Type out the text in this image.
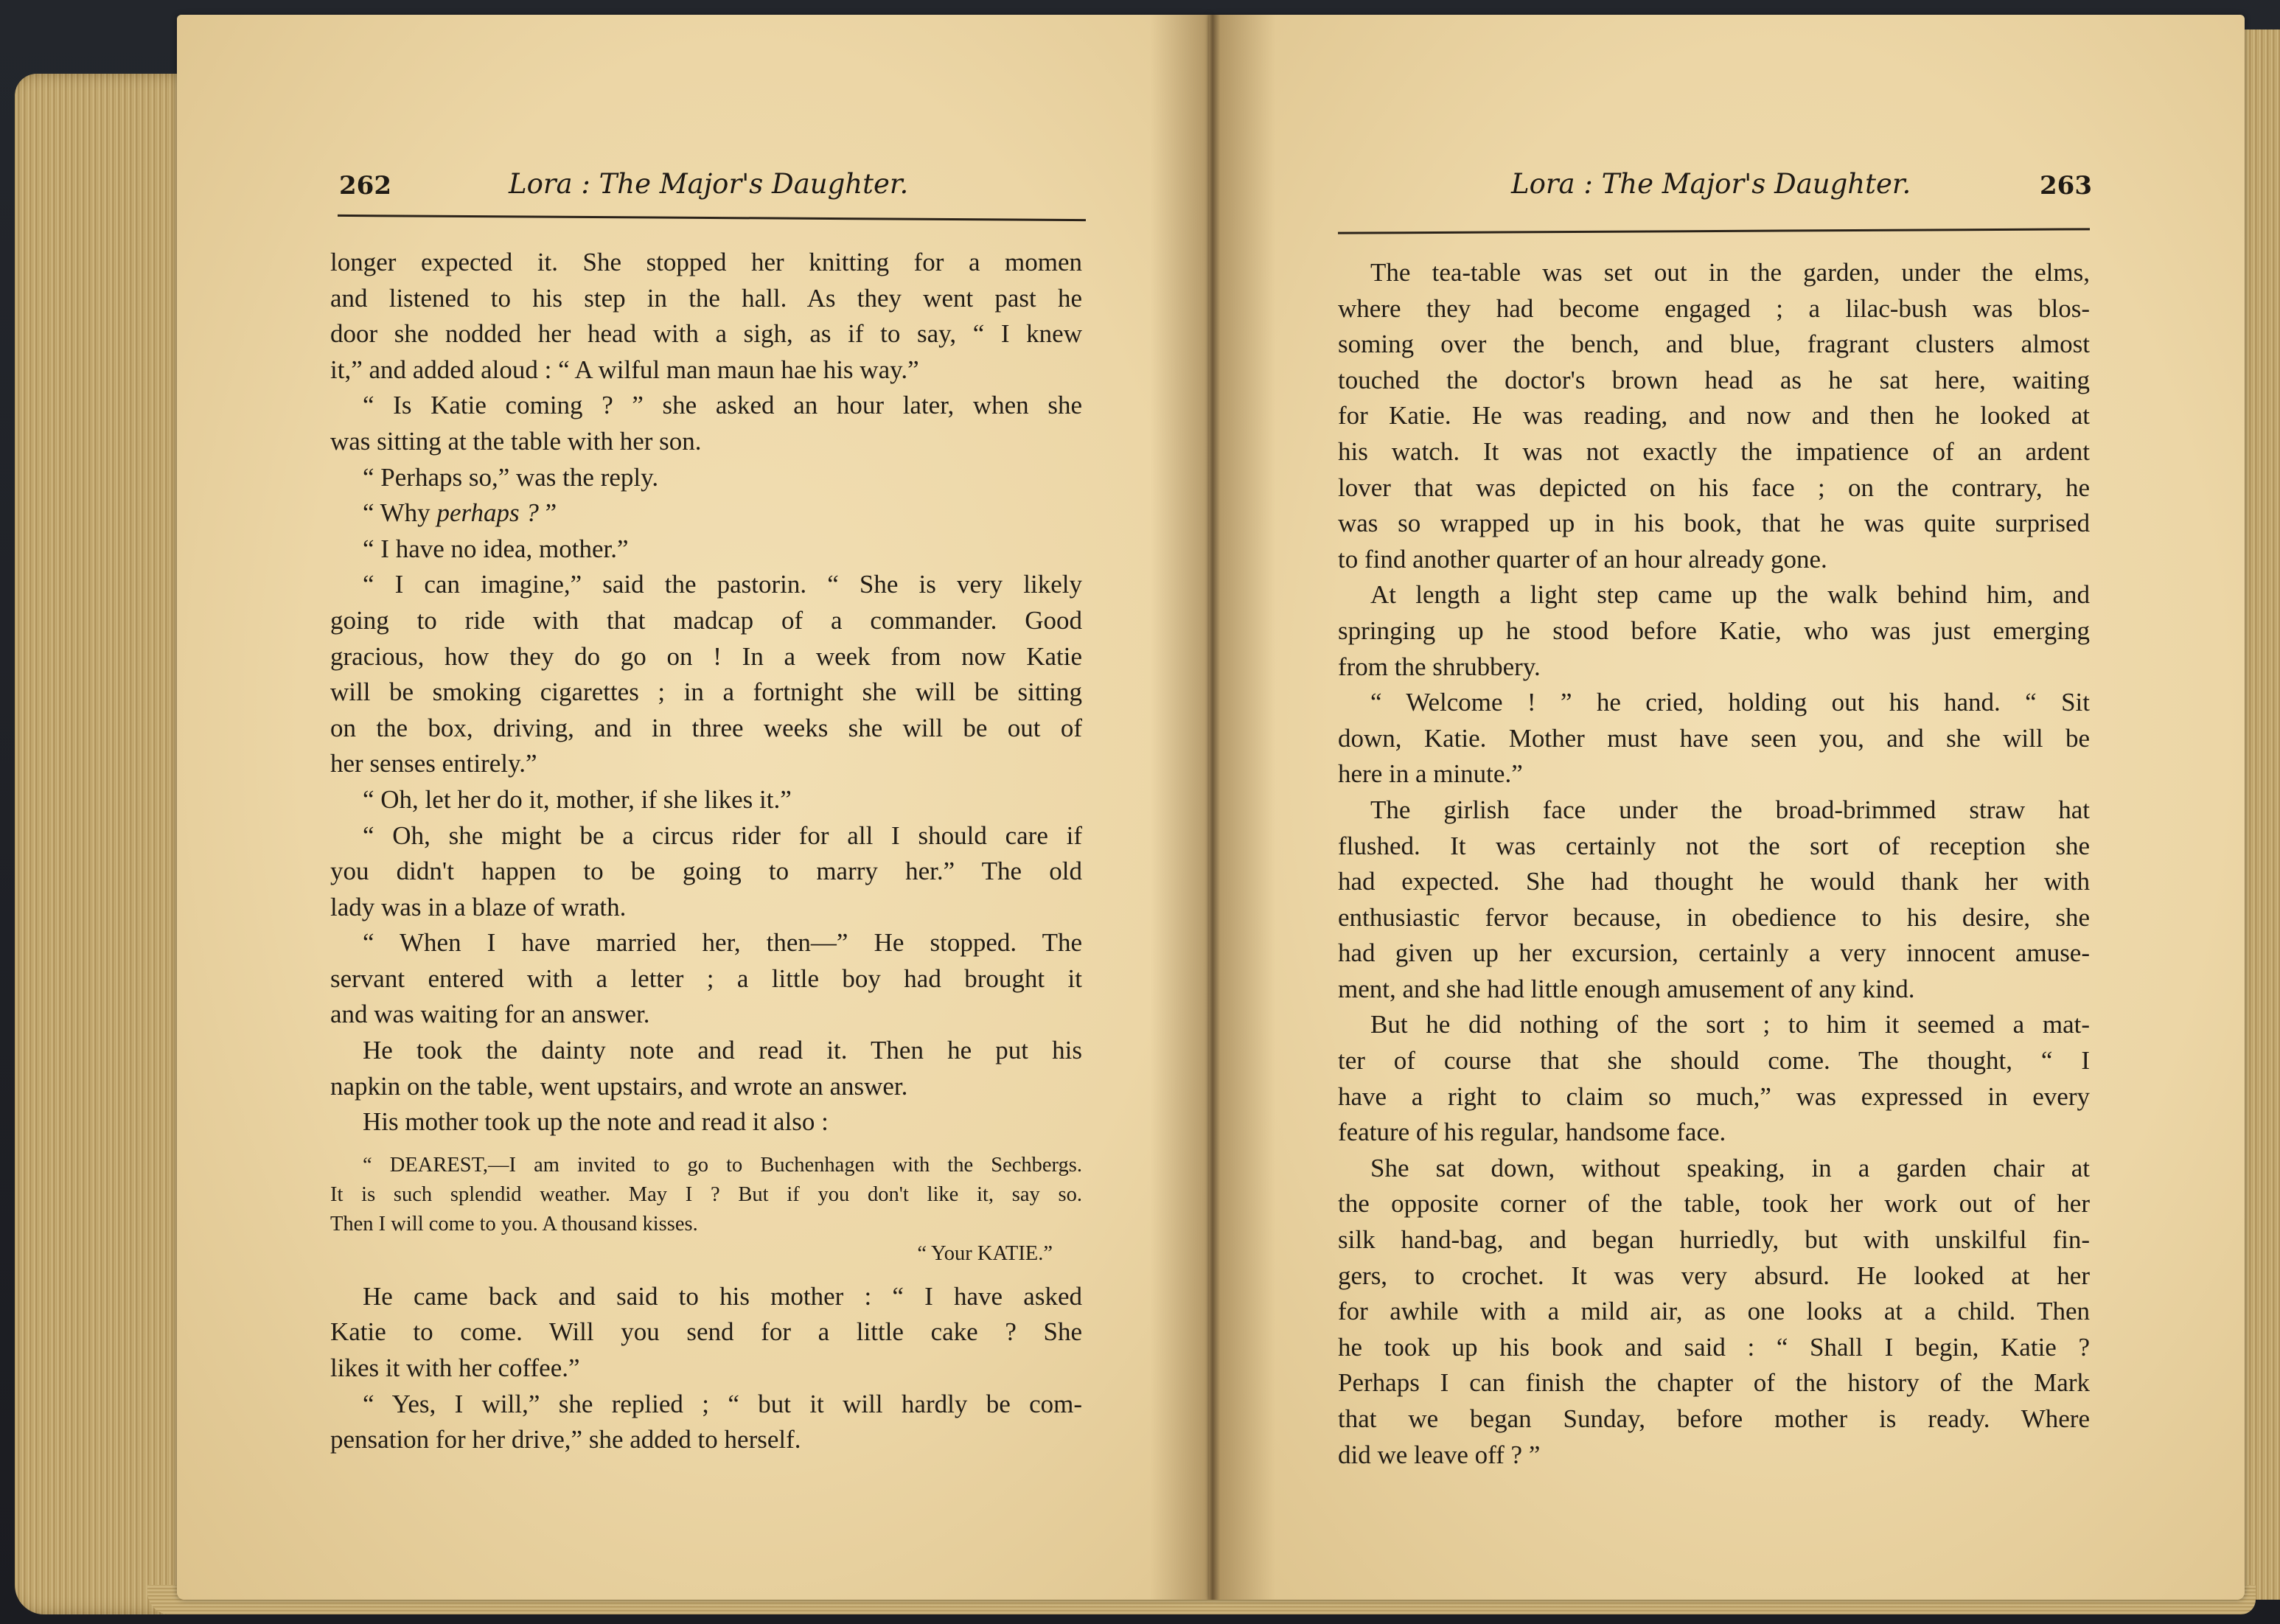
262	Lora : The Major's Daughter.
longer expected it. She stopped her knitting for a momen
and listened to his step in the hall. As they went past he
door she nodded her head with a sigh, as if to say, “ I knew
it,” and added aloud : “ A wilful man maun hae his way.”
“ Is Katie coming ? ” she asked an hour later, when she
was sitting at the table with her son.
“ Perhaps so,” was the reply.
“ Why perhaps ? ”
“ I have no idea, mother.”
“ I can imagine,” said the pastorin. “ She is very likely
going to ride with that madcap of a commander. Good
gracious, how they do go on ! In a week from now Katie
will be smoking cigarettes ; in a fortnight she will be sitting
on the box, driving, and in three weeks she will be out of
her senses entirely.”
“ Oh, let her do it, mother, if she likes it.”
“ Oh, she might be a circus rider for all I should care if
you didn't happen to be going to marry her.” The old
lady was in a blaze of wrath.
“ When I have married her, then—” He stopped. The
servant entered with a letter ; a little boy had brought it
and was waiting for an answer.
He took the dainty note and read it. Then he put his
napkin on the table, went upstairs, and wrote an answer.
His mother took up the note and read it also :
“ DEAREST,—I am invited to go to Buchenhagen with the Sechbergs.
It is such splendid weather. May I ? But if you don't like it, say so.
Then I will come to you. A thousand kisses.
“ Your KATIE.”
He came back and said to his mother : “ I have asked
Katie to come. Will you send for a little cake ? She
likes it with her coffee.”
“ Yes, I will,” she replied ; “ but it will hardly be com-
pensation for her drive,” she added to herself.
Lora : The Major's Daughter.	263
The tea-table was set out in the garden, under the elms,
where they had become engaged ; a lilac-bush was blos-
soming over the bench, and blue, fragrant clusters almost
touched the doctor's brown head as he sat here, waiting
for Katie. He was reading, and now and then he looked at
his watch. It was not exactly the impatience of an ardent
lover that was depicted on his face ; on the contrary, he
was so wrapped up in his book, that he was quite surprised
to find another quarter of an hour already gone.
At length a light step came up the walk behind him, and
springing up he stood before Katie, who was just emerging
from the shrubbery.
“ Welcome ! ” he cried, holding out his hand. “ Sit
down, Katie. Mother must have seen you, and she will be
here in a minute.”
The girlish face under the broad-brimmed straw hat
flushed. It was certainly not the sort of reception she
had expected. She had thought he would thank her with
enthusiastic fervor because, in obedience to his desire, she
had given up her excursion, certainly a very innocent amuse-
ment, and she had little enough amusement of any kind.
But he did nothing of the sort ; to him it seemed a mat-
ter of course that she should come. The thought, “ I
have a right to claim so much,” was expressed in every
feature of his regular, handsome face.
She sat down, without speaking, in a garden chair at
the opposite corner of the table, took her work out of her
silk hand-bag, and began hurriedly, but with unskilful fin-
gers, to crochet. It was very absurd. He looked at her
for awhile with a mild air, as one looks at a child. Then
he took up his book and said : “ Shall I begin, Katie ?
Perhaps I can finish the chapter of the history of the Mark
that we began Sunday, before mother is ready. Where
did we leave off ? ”
